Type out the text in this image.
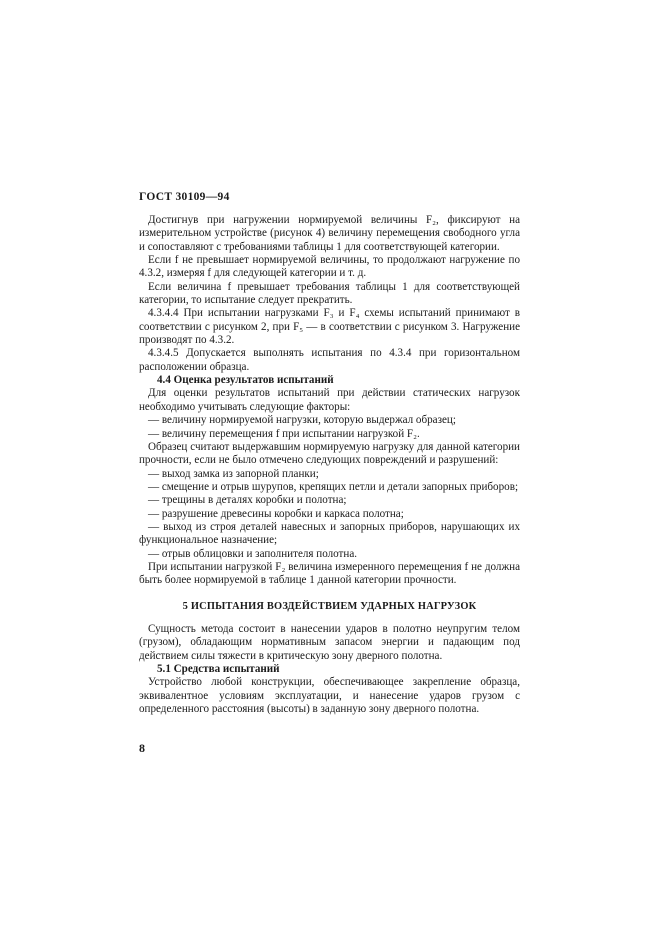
ГОСТ 30109—94

Достигнув при нагружении нормируемой величины F₂, фиксируют на измерительном устройстве (рисунок 4) величину перемещения свободного угла и сопоставляют с требованиями таблицы 1 для соответствующей категории.

Если f не превышает нормируемой величины, то продолжают нагружение по 4.3.2, измеряя f для следующей категории и т. д.

Если величина f превышает требования таблицы 1 для соответствующей категории, то испытание следует прекратить.

4.3.4.4 При испытании нагрузками F₃ и F₄ схемы испытаний принимают в соответствии с рисунком 2, при F₅ — в соответствии с рисунком 3. Нагружение производят по 4.3.2.

4.3.4.5 Допускается выполнять испытания по 4.3.4 при горизонтальном расположении образца.

4.4 Оценка результатов испытаний

Для оценки результатов испытаний при действии статических нагрузок необходимо учитывать следующие факторы:

— величину нормируемой нагрузки, которую выдержал образец;

— величину перемещения f при испытании нагрузкой F₂.

Образец считают выдержавшим нормируемую нагрузку для данной категории прочности, если не было отмечено следующих повреждений и разрушений:

— выход замка из запорной планки;

— смещение и отрыв шурупов, крепящих петли и детали запорных приборов;

— трещины в деталях коробки и полотна;

— разрушение древесины коробки и каркаса полотна;

— выход из строя деталей навесных и запорных приборов, нарушающих их функциональное назначение;

— отрыв облицовки и заполнителя полотна.

При испытании нагрузкой F₂ величина измеренного перемещения f не должна быть более нормируемой в таблице 1 данной категории прочности.

5 ИСПЫТАНИЯ ВОЗДЕЙСТВИЕМ УДАРНЫХ НАГРУЗОК

Сущность метода состоит в нанесении ударов в полотно неупругим телом (грузом), обладающим нормативным запасом энергии и падающим под действием силы тяжести в критическую зону дверного полотна.

5.1 Средства испытаний

Устройство любой конструкции, обеспечивающее закрепление образца, эквивалентное условиям эксплуатации, и нанесение ударов грузом с определенного расстояния (высоты) в заданную зону дверного полотна.

8
